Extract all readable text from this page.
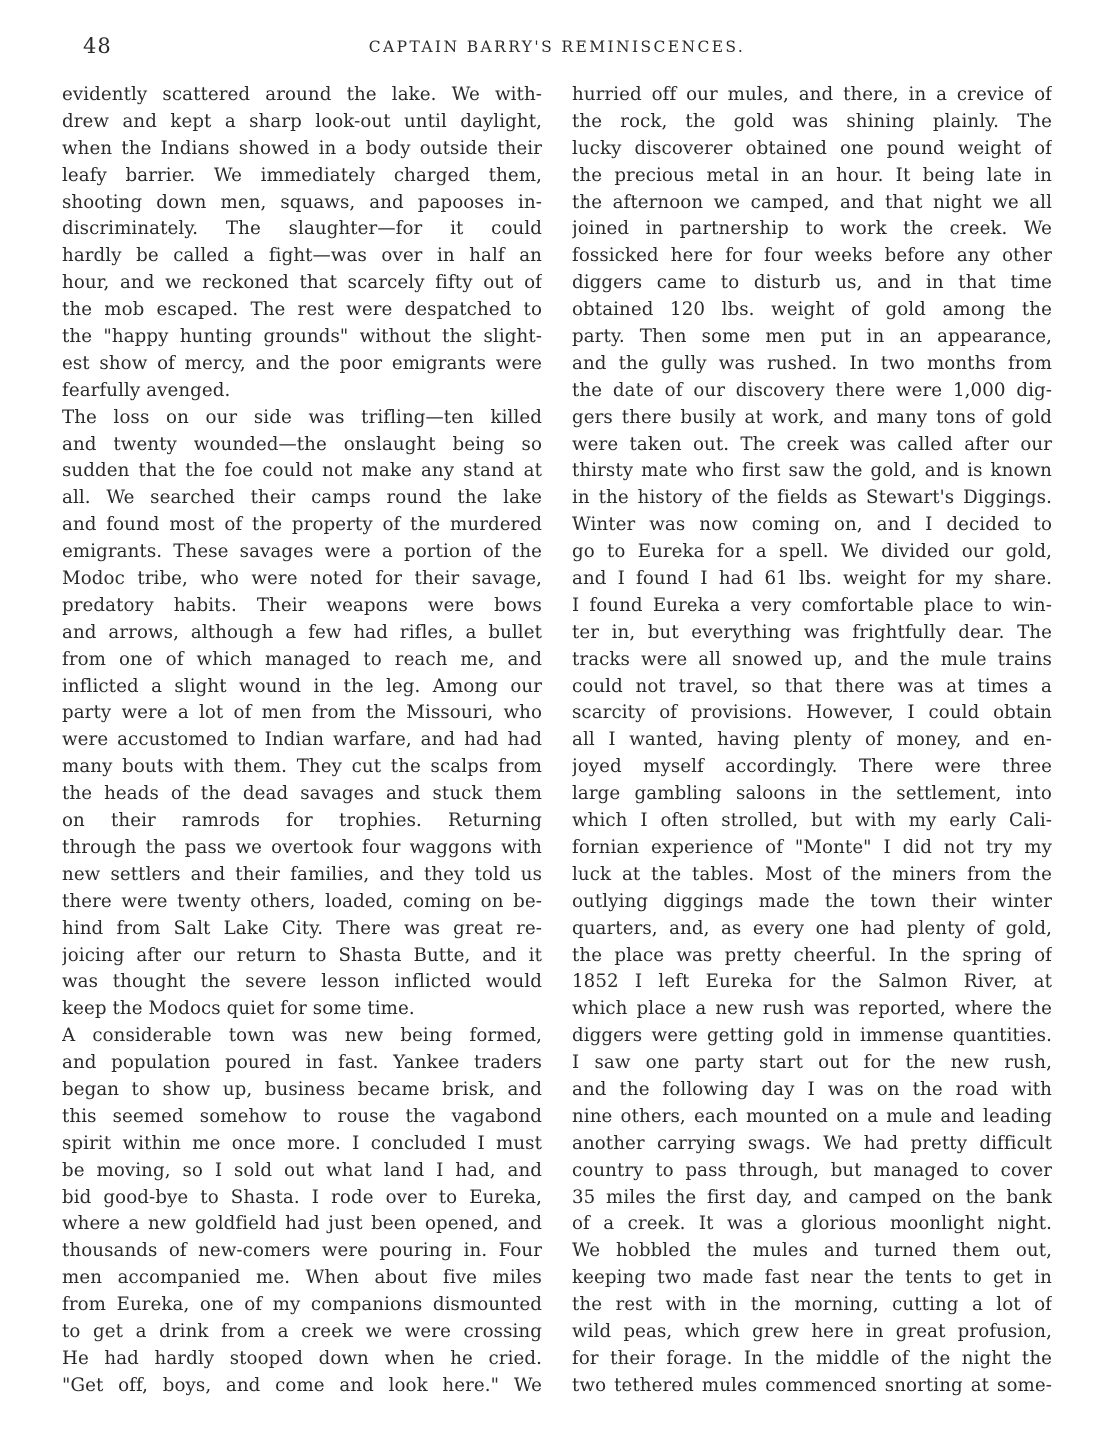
48	CAPTAIN BARRY'S REMINISCENCES.
evidently scattered around the lake. We with-
drew and kept a sharp look-out until daylight,
when the Indians showed in a body outside their
leafy barrier. We immediately charged them,
shooting down men, squaws, and papooses in-
discriminately. The slaughter—for it could
hardly be called a fight—was over in half an
hour, and we reckoned that scarcely fifty out of
the mob escaped. The rest were despatched to
the "happy hunting grounds" without the slight-
est show of mercy, and the poor emigrants were
fearfully avenged.
The loss on our side was trifling—ten killed
and twenty wounded—the onslaught being so
sudden that the foe could not make any stand at
all. We searched their camps round the lake
and found most of the property of the murdered
emigrants. These savages were a portion of the
Modoc tribe, who were noted for their savage,
predatory habits. Their weapons were bows
and arrows, although a few had rifles, a bullet
from one of which managed to reach me, and
inflicted a slight wound in the leg. Among our
party were a lot of men from the Missouri, who
were accustomed to Indian warfare, and had had
many bouts with them. They cut the scalps from
the heads of the dead savages and stuck them
on their ramrods for trophies. Returning
through the pass we overtook four waggons with
new settlers and their families, and they told us
there were twenty others, loaded, coming on be-
hind from Salt Lake City. There was great re-
joicing after our return to Shasta Butte, and it
was thought the severe lesson inflicted would
keep the Modocs quiet for some time.
A considerable town was new being formed,
and population poured in fast. Yankee traders
began to show up, business became brisk, and
this seemed somehow to rouse the vagabond
spirit within me once more. I concluded I must
be moving, so I sold out what land I had, and
bid good-bye to Shasta. I rode over to Eureka,
where a new goldfield had just been opened, and
thousands of new-comers were pouring in. Four
men accompanied me. When about five miles
from Eureka, one of my companions dismounted
to get a drink from a creek we were crossing
He had hardly stooped down when he cried.
"Get off, boys, and come and look here." We
hurried off our mules, and there, in a crevice of
the rock, the gold was shining plainly. The
lucky discoverer obtained one pound weight of
the precious metal in an hour. It being late in
the afternoon we camped, and that night we all
joined in partnership to work the creek. We
fossicked here for four weeks before any other
diggers came to disturb us, and in that time
obtained 120 lbs. weight of gold among the
party. Then some men put in an appearance,
and the gully was rushed. In two months from
the date of our discovery there were 1,000 dig-
gers there busily at work, and many tons of gold
were taken out. The creek was called after our
thirsty mate who first saw the gold, and is known
in the history of the fields as Stewart's Diggings.
Winter was now coming on, and I decided to
go to Eureka for a spell. We divided our gold,
and I found I had 61 lbs. weight for my share.
I found Eureka a very comfortable place to win-
ter in, but everything was frightfully dear. The
tracks were all snowed up, and the mule trains
could not travel, so that there was at times a
scarcity of provisions. However, I could obtain
all I wanted, having plenty of money, and en-
joyed myself accordingly. There were three
large gambling saloons in the settlement, into
which I often strolled, but with my early Cali-
fornian experience of "Monte" I did not try my
luck at the tables. Most of the miners from the
outlying diggings made the town their winter
quarters, and, as every one had plenty of gold,
the place was pretty cheerful. In the spring of
1852 I left Eureka for the Salmon River, at
which place a new rush was reported, where the
diggers were getting gold in immense quantities.
I saw one party start out for the new rush,
and the following day I was on the road with
nine others, each mounted on a mule and leading
another carrying swags. We had pretty difficult
country to pass through, but managed to cover
35 miles the first day, and camped on the bank
of a creek. It was a glorious moonlight night.
We hobbled the mules and turned them out,
keeping two made fast near the tents to get in
the rest with in the morning, cutting a lot of
wild peas, which grew here in great profusion,
for their forage. In the middle of the night the
two tethered mules commenced snorting at some-
